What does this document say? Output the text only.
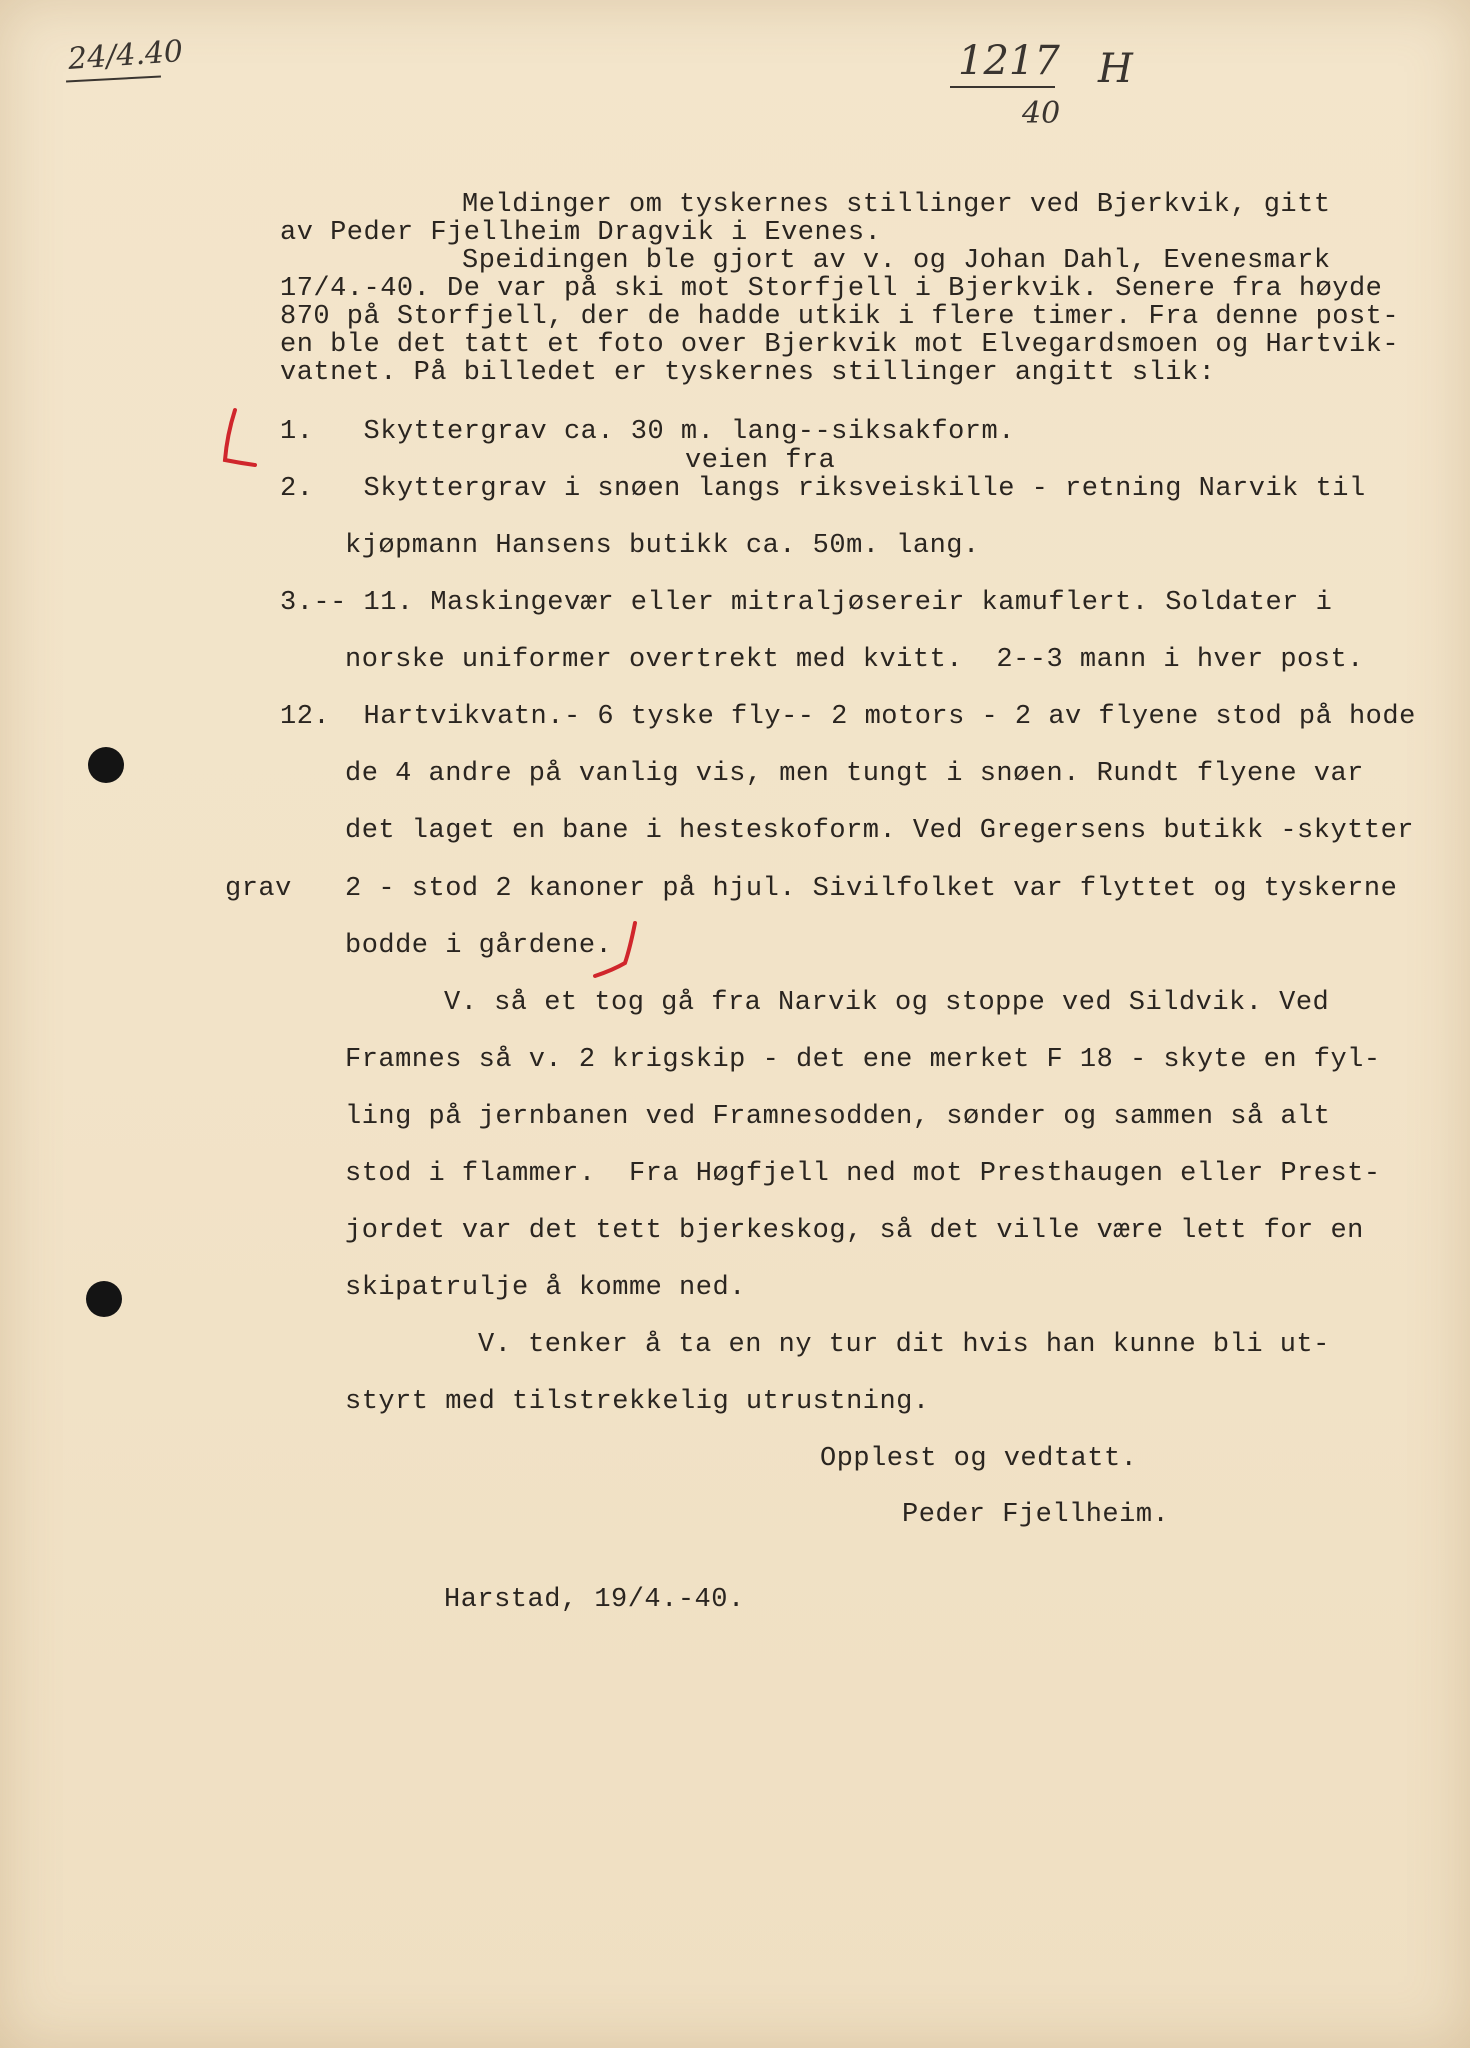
24/4.40	1217 H
40
Meldinger om tyskernes stillinger ved Bjerkvik, gitt
av Peder Fjellheim Dragvik i Evenes.
Speidingen ble gjort av v. og Johan Dahl, Evenesmark
17/4.-40. De var på ski mot Storfjell i Bjerkvik. Senere fra høyde
870 på Storfjell, der de hadde utkik i flere timer. Fra denne post-
en ble det tatt et foto over Bjerkvik mot Elvegardsmoen og Hartvik-
vatnet. På billedet er tyskernes stillinger angitt slik:
1.   Skyttergrav ca. 30 m. lang--siksakform.
veien fra
2.   Skyttergrav i snøen langs riksveiskille - retning Narvik til
kjøpmann Hansens butikk ca. 50m. lang.
3.-- 11. Maskingevær eller mitraljøsereir kamuflert. Soldater i
norske uniformer overtrekt med kvitt.  2--3 mann i hver post.
12.  Hartvikvatn.- 6 tyske fly-- 2 motors - 2 av flyene stod på hode
de 4 andre på vanlig vis, men tungt i snøen. Rundt flyene var
det laget en bane i hesteskoform. Ved Gregersens butikk -skytter
grav 2 - stod 2 kanoner på hjul. Sivilfolket var flyttet og tyskerne
bodde i gårdene.
V. så et tog gå fra Narvik og stoppe ved Sildvik. Ved
Framnes så v. 2 krigskip - det ene merket F 18 - skyte en fyl-
ling på jernbanen ved Framnesodden, sønder og sammen så alt
stod i flammer.  Fra Høgfjell ned mot Presthaugen eller Prest-
jordet var det tett bjerkeskog, så det ville være lett for en
skipatrulje å komme ned.
V. tenker å ta en ny tur dit hvis han kunne bli ut-
styrt med tilstrekkelig utrustning.
Opplest og vedtatt.
Peder Fjellheim.
Harstad, 19/4.-40.
